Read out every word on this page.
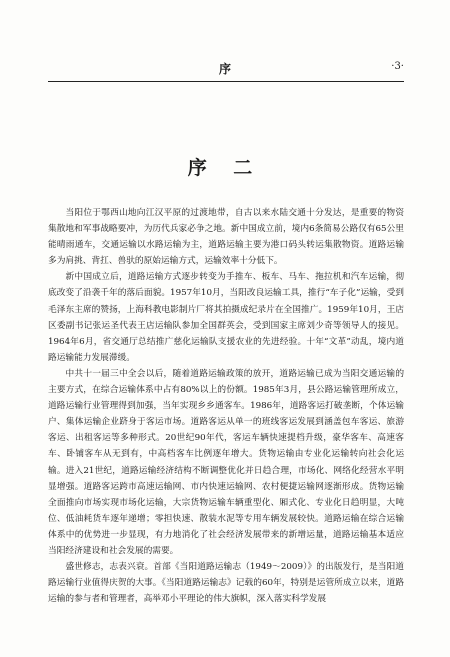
序	·3·
序 二

当阳位于鄂西山地向江汉平原的过渡地带，自古以来水陆交通十分发达，是重要的物资集散地和军事战略要冲，为历代兵家必争之地。新中国成立前，境内6条简易公路仅有65公里能晴雨通车，交通运输以水路运输为主，道路运输主要为港口码头转运集散物资。道路运输多为肩挑、背扛、兽驮的原始运输方式，运输效率十分低下。

新中国成立后，道路运输方式逐步转变为手推车、板车、马车、拖拉机和汽车运输，彻底改变了沿袭千年的落后面貌。1957年10月，当阳改良运输工具，推行“车子化”运输，受到毛泽东主席的赞扬，上海科教电影制片厂将其拍摄成纪录片在全国推广。1959年10月，王店区委副书记张运圣代表王店运输队参加全国群英会，受到国家主席刘少奇等领导人的接见。1964年6月，省交通厅总结推广慈化运输队支援农业的先进经验。十年“文革”动乱，境内道路运输能力发展滞缓。

中共十一届三中全会以后，随着道路运输政策的放开，道路运输已成为当阳交通运输的主要方式，在综合运输体系中占有80%以上的份额。1985年3月，县公路运输管理所成立，道路运输行业管理得到加强，当年实现乡乡通客车。1986年，道路客运打破垄断，个体运输户、集体运输企业跻身于客运市场。道路客运从单一的班线客运发展到涵盖包车客运、旅游客运、出租客运等多种形式。20世纪90年代，客运车辆快速提档升级，豪华客车、高速客车、卧铺客车从无到有，中高档客车比例逐年增大。货物运输由专业化运输转向社会化运输。进入21世纪，道路运输经济结构不断调整优化并日趋合理，市场化、网络化经营水平明显增强。道路客运跨市高速运输网、市内快速运输网、农村便捷运输网逐渐形成。货物运输全面推向市场实现市场化运输，大宗货物运输车辆重型化、厢式化、专业化日趋明显，大吨位、低油耗货车逐年递增；零担快速、散装水泥等专用车辆发展较快。道路运输在综合运输体系中的优势进一步显现，有力地消化了社会经济发展带来的新增运量，道路运输基本适应当阳经济建设和社会发展的需要。

盛世修志，志表兴衰。首部《当阳道路运输志（1949～2009）》的出版发行，是当阳道路运输行业值得庆贺的大事。《当阳道路运输志》记载的60年，特别是运管所成立以来，道路运输的参与者和管理者，高举邓小平理论的伟大旗帜，深入落实科学发展
